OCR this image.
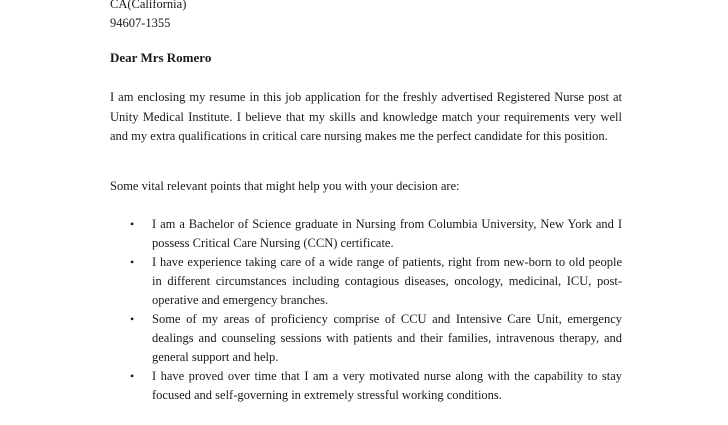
CA(California)
94607-1355
Dear Mrs Romero

I am enclosing my resume in this job application for the freshly advertised Registered Nurse post at Unity Medical Institute. I believe that my skills and knowledge match your requirements very well and my extra qualifications in critical care nursing makes me the perfect candidate for this position.

Some vital relevant points that might help you with your decision are:

• I am a Bachelor of Science graduate in Nursing from Columbia University, New York and I possess Critical Care Nursing (CCN) certificate.
• I have experience taking care of a wide range of patients, right from new-born to old people in different circumstances including contagious diseases, oncology, medicinal, ICU, post-operative and emergency branches.
• Some of my areas of proficiency comprise of CCU and Intensive Care Unit, emergency dealings and counseling sessions with patients and their families, intravenous therapy, and general support and help.
• I have proved over time that I am a very motivated nurse along with the capability to stay focused and self-governing in extremely stressful working conditions.
